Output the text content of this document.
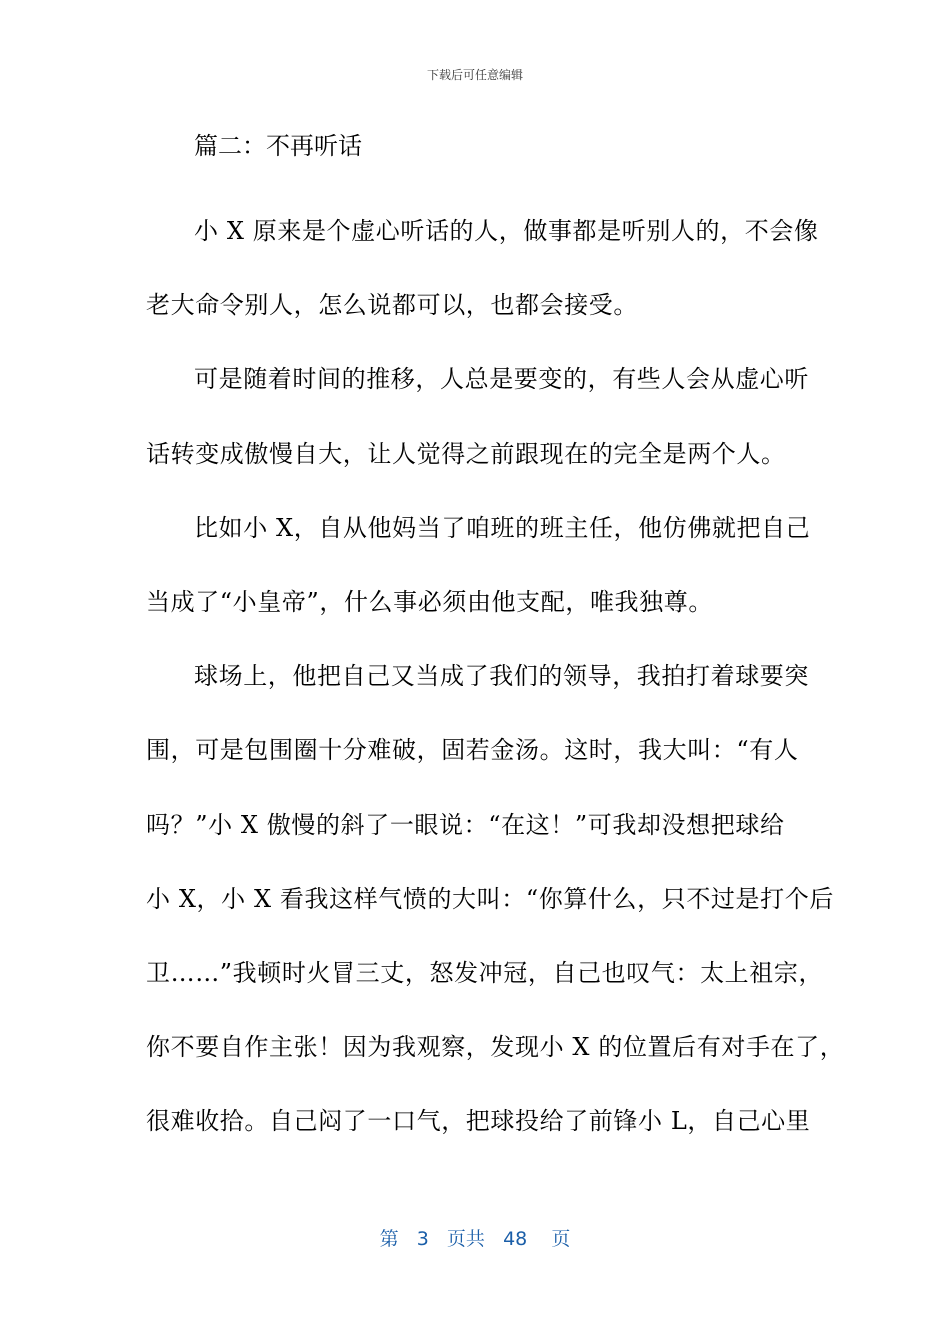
下载后可任意编辑

篇二：不再听话

小 X 原来是个虚心听话的人，做事都是听别人的，不会像

老大命令别人，怎么说都可以，也都会接受。

可是随着时间的推移，人总是要变的，有些人会从虚心听

话转变成傲慢自大，让人觉得之前跟现在的完全是两个人。

比如小 X，自从他妈当了咱班的班主任，他仿佛就把自己

当成了“小皇帝”，什么事必须由他支配，唯我独尊。

球场上，他把自己又当成了我们的领导，我拍打着球要突

围，可是包围圈十分难破，固若金汤。这时，我大叫：“有人

吗？”小 X 傲慢的斜了一眼说：“在这！”可我却没想把球给

小 X，小 X 看我这样气愤的大叫：“你算什么，只不过是打个后

卫……”我顿时火冒三丈，怒发冲冠，自己也叹气：太上祖宗，

你不要自作主张！因为我观察，发现小 X 的位置后有对手在了，

很难收拾。自己闷了一口气，把球投给了前锋小 L，自己心里

第 3 页共 48 页
